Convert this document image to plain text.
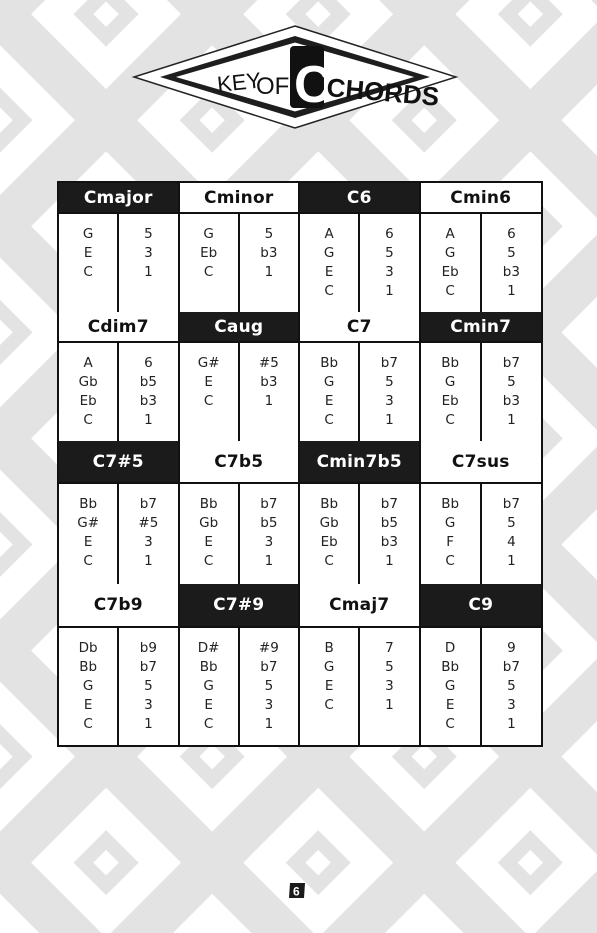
KEY
OF C
CHORDS
Cmajor
G
E
C
5
3
1
Cminor
G
Eb
C
5
b3
1
C6
A
G
E
C
6
5
3
1
Cmin6
A
G
Eb
C
6
5
b3
1
Cdim7
A
Gb
Eb
C
6
b5
b3
1
Caug
G#
E
C
#5
b3
1
C7
Bb
G
E
C
b7
5
3
1
Cmin7
Bb
G
Eb
C
b7
5
b3
1
C7#5
Bb
G#
E
C
b7
#5
3
1
C7b5
Bb
Gb
E
C
b7
b5
3
1
Cmin7b5
Bb
Gb
Eb
C
b7
b5
b3
1
C7sus
Bb
G
F
C
b7
5
4
1
C7b9
Db
Bb
G
E
C
b9
b7
5
3
1
C7#9
D#
Bb
G
E
C
#9
b7
5
3
1
Cmaj7
B
G
E
C
7
5
3
1
C9
D
Bb
G
E
C
9
b7
5
3
1
6
